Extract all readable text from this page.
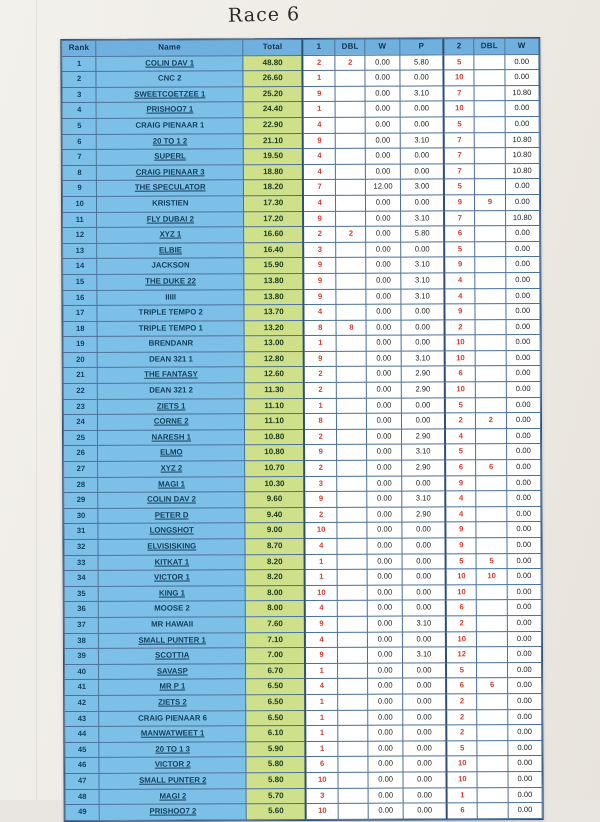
Race 6
Rank	Name	Total	1	DBL	W	P	2	DBL	W
1	COLIN DAV 1	48.80	2	2	0.00	5.80	5		0.00
2	CNC 2	26.60	1		0.00	0.00	10		0.00
3	SWEETCOETZEE 1	25.20	9		0.00	3.10	7		10.80
4	PRISHOO7 1	24.40	1		0.00	0.00	10		0.00
5	CRAIG PIENAAR 1	22.90	4		0.00	0.00	5		0.00
6	20 TO 1 2	21.10	9		0.00	3.10	7		10.80
7	SUPERL	19.50	4		0.00	0.00	7		10.80
8	CRAIG PIENAAR 3	18.80	4		0.00	0.00	7		10.80
9	THE SPECULATOR	18.20	7		12.00	3.00	5		0.00
10	KRISTIEN	17.30	4		0.00	0.00	9	9	0.00
11	FLY DUBAI 2	17.20	9		0.00	3.10	7		10.80
12	XYZ 1	16.60	2	2	0.00	5.80	6		0.00
13	ELBIE	16.40	3		0.00	0.00	5		0.00
14	JACKSON	15.90	9		0.00	3.10	9		0.00
15	THE DUKE 22	13.80	9		0.00	3.10	4		0.00
16	IIIII	13.80	9		0.00	3.10	4		0.00
17	TRIPLE TEMPO 2	13.70	4		0.00	0.00	9		0.00
18	TRIPLE TEMPO 1	13.20	8	8	0.00	0.00	2		0.00
19	BRENDANR	13.00	1		0.00	0.00	10		0.00
20	DEAN 321 1	12.80	9		0.00	3.10	10		0.00
21	THE FANTASY	12.60	2		0.00	2.90	6		0.00
22	DEAN 321 2	11.30	2		0.00	2.90	10		0.00
23	ZIETS 1	11.10	1		0.00	0.00	5		0.00
24	CORNE 2	11.10	8		0.00	0.00	2	2	0.00
25	NARESH 1	10.80	2		0.00	2.90	4		0.00
26	ELMO	10.80	9		0.00	3.10	5		0.00
27	XYZ 2	10.70	2		0.00	2.90	6	6	0.00
28	MAGI 1	10.30	3		0.00	0.00	9		0.00
29	COLIN DAV 2	9.60	9		0.00	3.10	4		0.00
30	PETER D	9.40	2		0.00	2.90	4		0.00
31	LONGSHOT	9.00	10		0.00	0.00	9		0.00
32	ELVISISKING	8.70	4		0.00	0.00	9		0.00
33	KITKAT 1	8.20	1		0.00	0.00	5	5	0.00
34	VICTOR 1	8.20	1		0.00	0.00	10	10	0.00
35	KING 1	8.00	10		0.00	0.00	10		0.00
36	MOOSE 2	8.00	4		0.00	0.00	6		0.00
37	MR HAWAII	7.60	9		0.00	3.10	2		0.00
38	SMALL PUNTER 1	7.10	4		0.00	0.00	10		0.00
39	SCOTTIA	7.00	9		0.00	3.10	12		0.00
40	SAVASP	6.70	1		0.00	0.00	5		0.00
41	MR P 1	6.50	4		0.00	0.00	6	6	0.00
42	ZIETS 2	6.50	1		0.00	0.00	2		0.00
43	CRAIG PIENAAR 6	6.50	1		0.00	0.00	2		0.00
44	MANWATWEET 1	6.10	1		0.00	0.00	2		0.00
45	20 TO 1 3	5.90	1		0.00	0.00	5		0.00
46	VICTOR 2	5.80	6		0.00	0.00	10		0.00
47	SMALL PUNTER 2	5.80	10		0.00	0.00	10		0.00
48	MAGI 2	5.70	3		0.00	0.00	1		0.00
49	PRISHOO7 2	5.60	10		0.00	0.00	6		0.00
